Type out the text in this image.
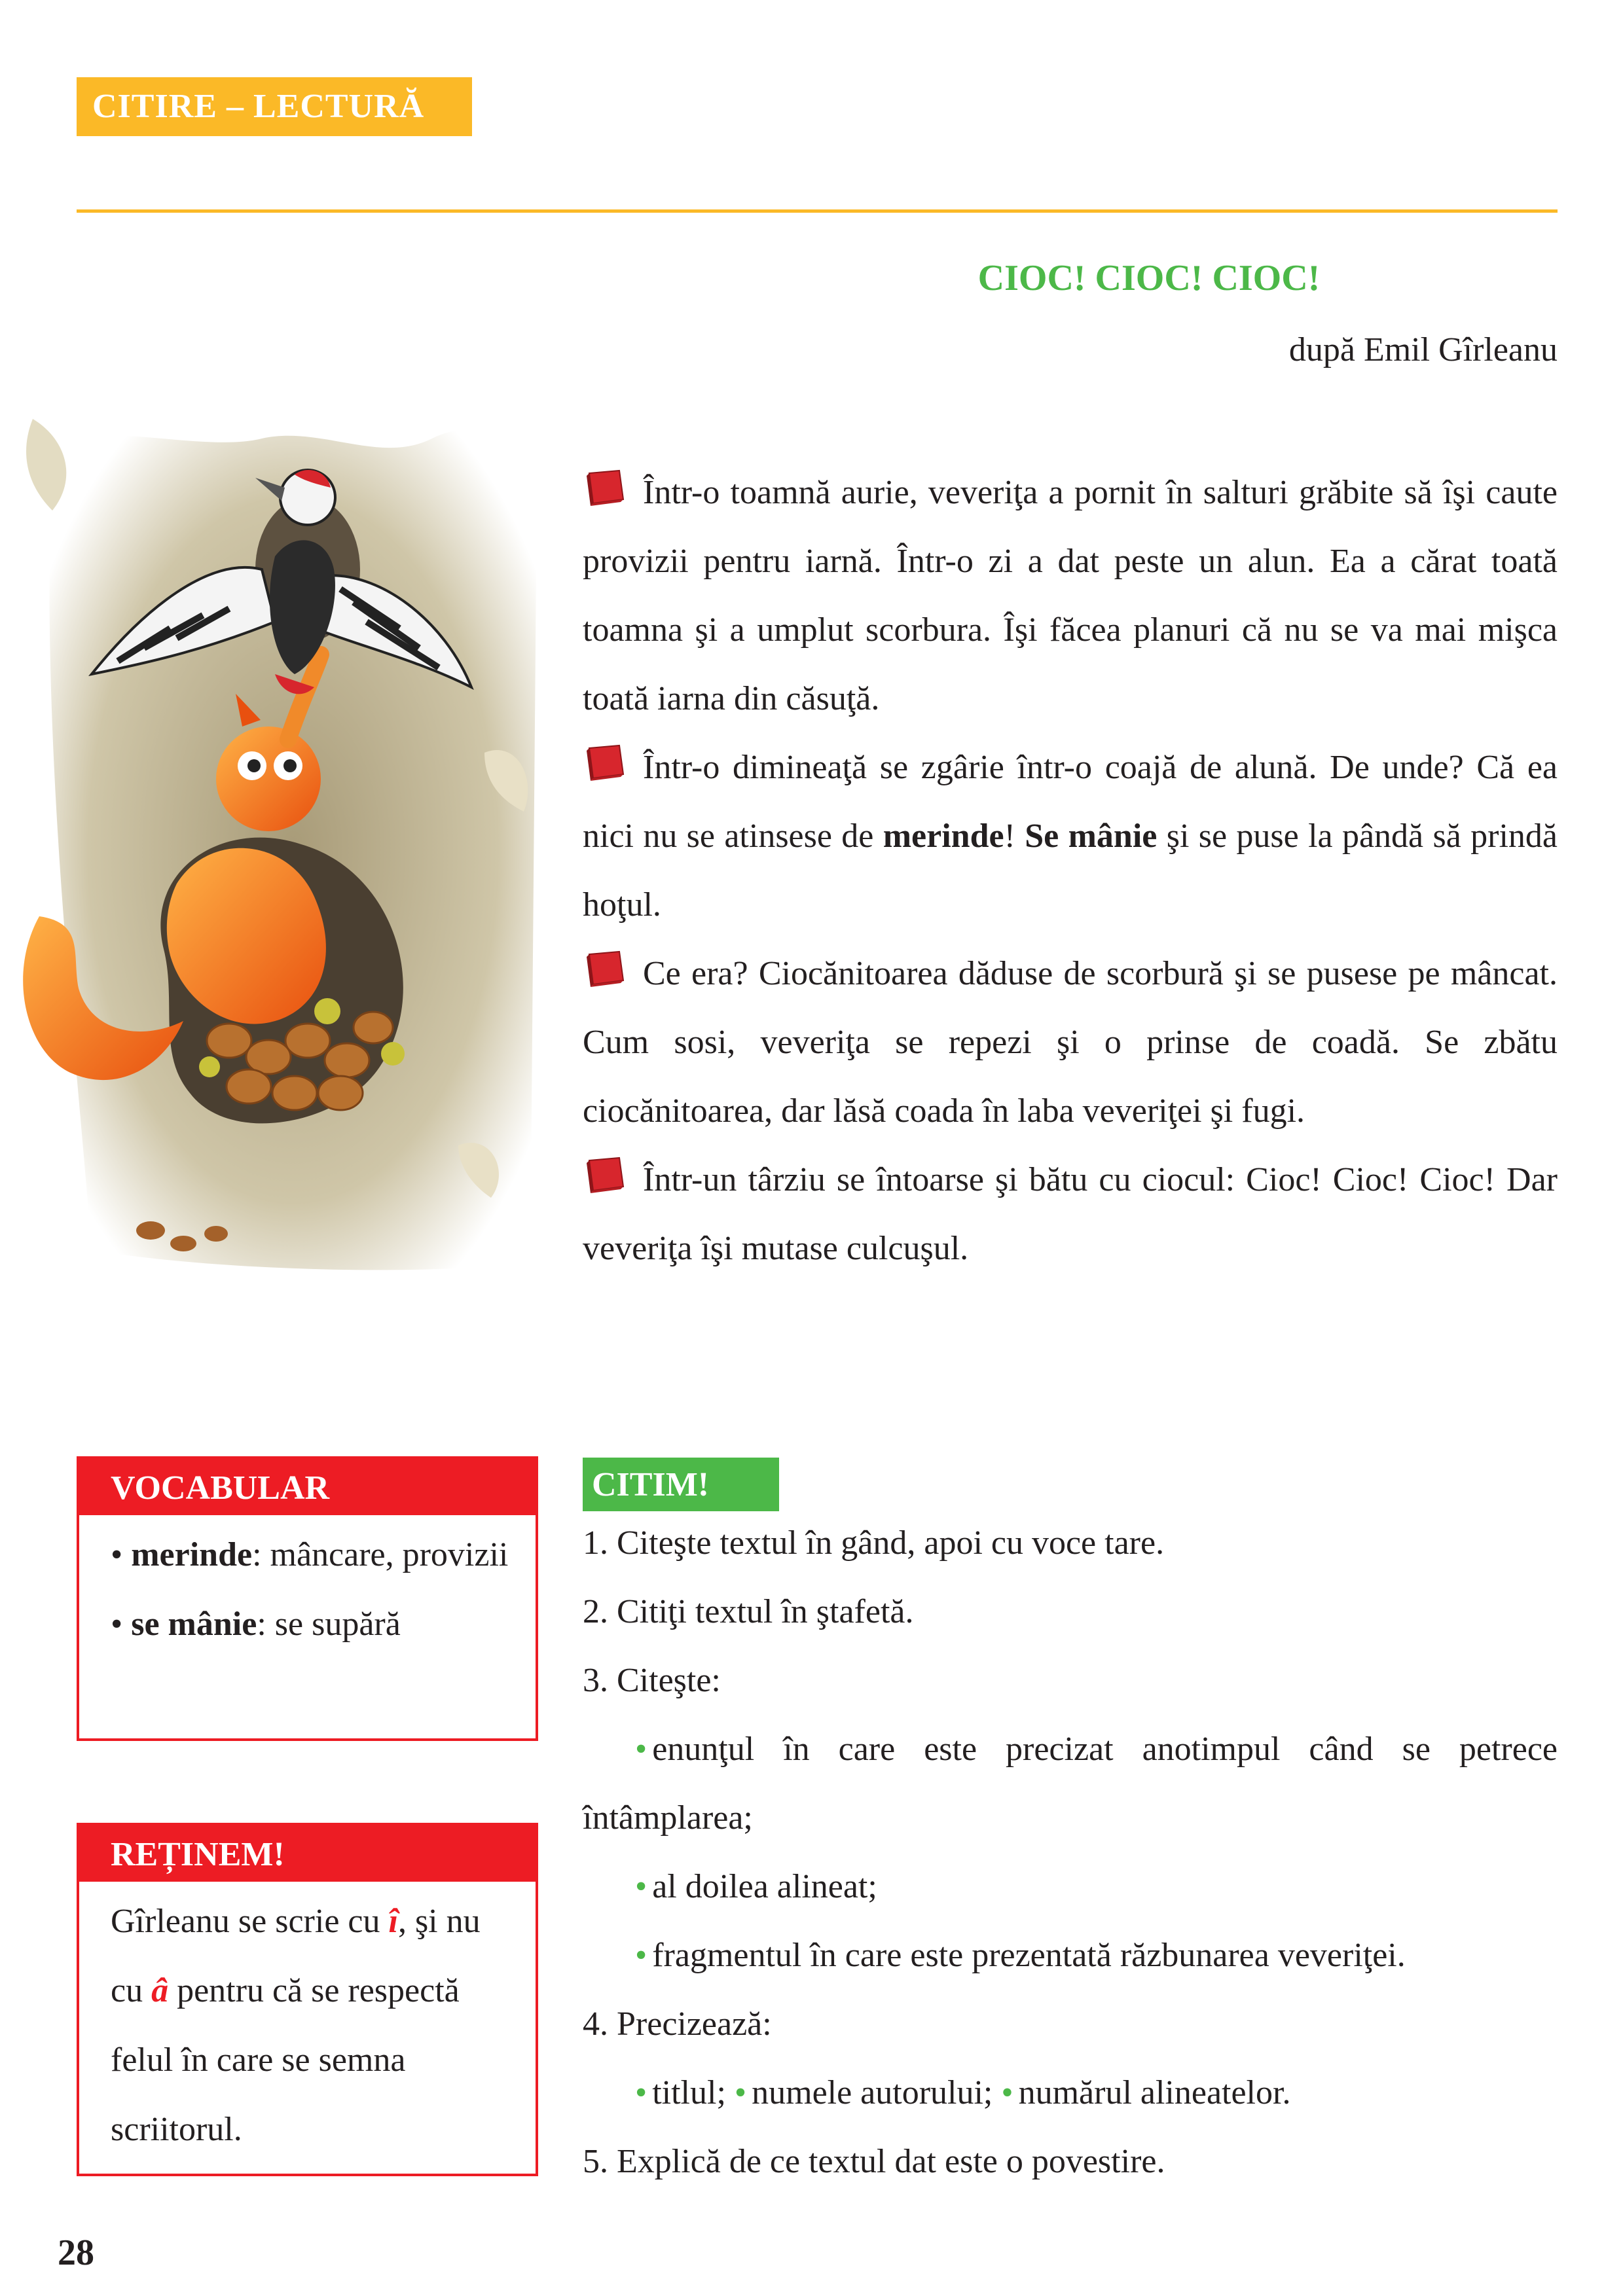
CITIRE – LECTURĂ
CIOC! CIOC! CIOC!
după Emil Gîrleanu

Într-o toamnă aurie, veveriţa a pornit în salturi grăbite să îşi caute provizii pentru iarnă. Într-o zi a dat peste un alun. Ea a cărat toată toamna şi a umplut scorbura. Îşi făcea planuri că nu se va mai mişca toată iarna din căsuţă.

Într-o dimineaţă se zgârie într-o coajă de alună. De unde? Că ea nici nu se atinsese de merinde! Se mânie şi se puse la pândă să prindă hoţul.

Ce era? Ciocănitoarea dăduse de scorbură şi se pusese pe mâncat. Cum sosi, veveriţa se repezi şi o prinse de coadă. Se zbătu ciocănitoarea, dar lăsă coada în laba veveriţei şi fugi.

Într-un târziu se întoarse şi bătu cu ciocul: Cioc! Cioc! Cioc! Dar veveriţa îşi mutase culcuşul.

VOCABULAR
• merinde: mâncare, provizii
• se mânie: se supără
REȚINEM!
Gîrleanu se scrie cu î, şi nu cu â pentru că se respectă felul în care se semna scriitorul.
CITIM!
1. Citeşte textul în gând, apoi cu voce tare.
2. Citiţi textul în ştafetă.
3. Citeşte:
• enunţul în care este precizat anotimpul când se petrece întâmplarea;
• al doilea alineat;
• fragmentul în care este prezentată răzbunarea veveriţei.
4. Precizează:
• titlul; • numele autorului; • numărul alineatelor.
5. Explică de ce textul dat este o povestire.
28
